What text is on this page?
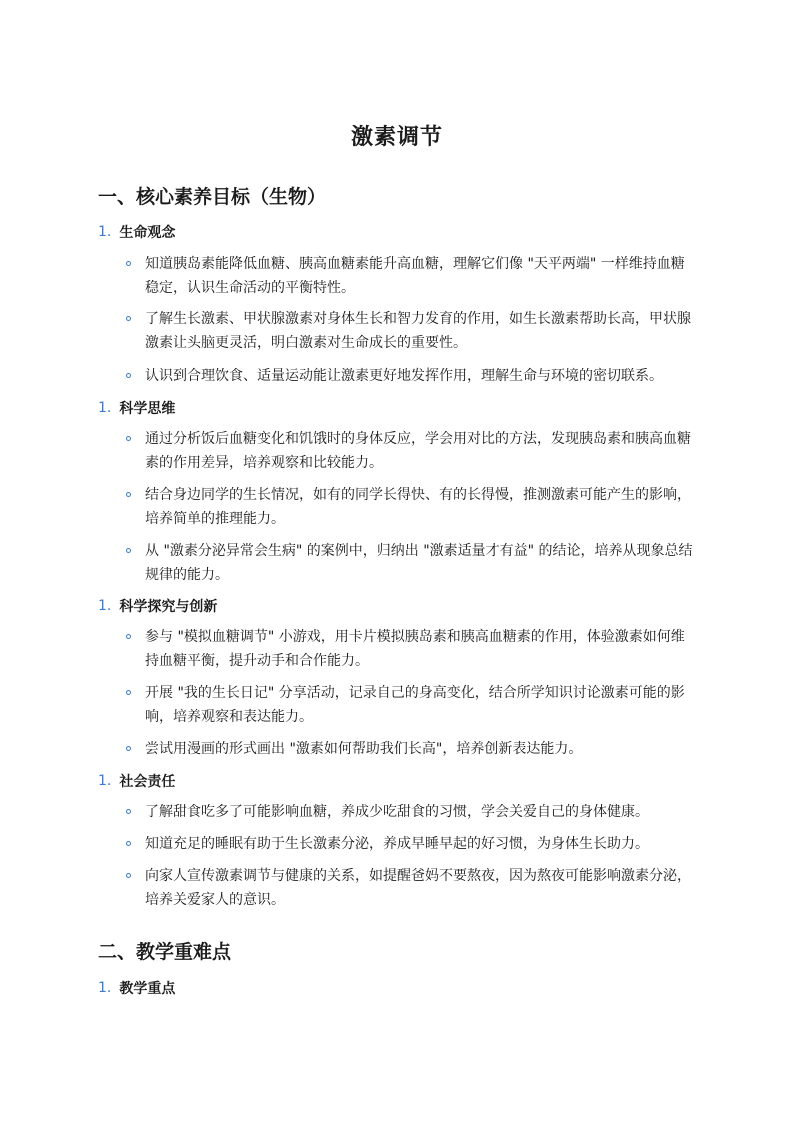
激素调节
一、核心素养目标（生物）
1. 生命观念
知道胰岛素能降低血糖、胰高血糖素能升高血糖，理解它们像 "天平两端" 一样维持血糖稳定，认识生命活动的平衡特性。
了解生长激素、甲状腺激素对身体生长和智力发育的作用，如生长激素帮助长高，甲状腺激素让头脑更灵活，明白激素对生命成长的重要性。
认识到合理饮食、适量运动能让激素更好地发挥作用，理解生命与环境的密切联系。
1. 科学思维
通过分析饭后血糖变化和饥饿时的身体反应，学会用对比的方法，发现胰岛素和胰高血糖素的作用差异，培养观察和比较能力。
结合身边同学的生长情况，如有的同学长得快、有的长得慢，推测激素可能产生的影响，培养简单的推理能力。
从 "激素分泌异常会生病" 的案例中，归纳出 "激素适量才有益" 的结论，培养从现象总结规律的能力。
1. 科学探究与创新
参与 "模拟血糖调节" 小游戏，用卡片模拟胰岛素和胰高血糖素的作用，体验激素如何维持血糖平衡，提升动手和合作能力。
开展 "我的生长日记" 分享活动，记录自己的身高变化，结合所学知识讨论激素可能的影响，培养观察和表达能力。
尝试用漫画的形式画出 "激素如何帮助我们长高"，培养创新表达能力。
1. 社会责任
了解甜食吃多了可能影响血糖，养成少吃甜食的习惯，学会关爱自己的身体健康。
知道充足的睡眠有助于生长激素分泌，养成早睡早起的好习惯，为身体生长助力。
向家人宣传激素调节与健康的关系，如提醒爸妈不要熬夜，因为熬夜可能影响激素分泌，培养关爱家人的意识。
二、教学重难点
1. 教学重点
